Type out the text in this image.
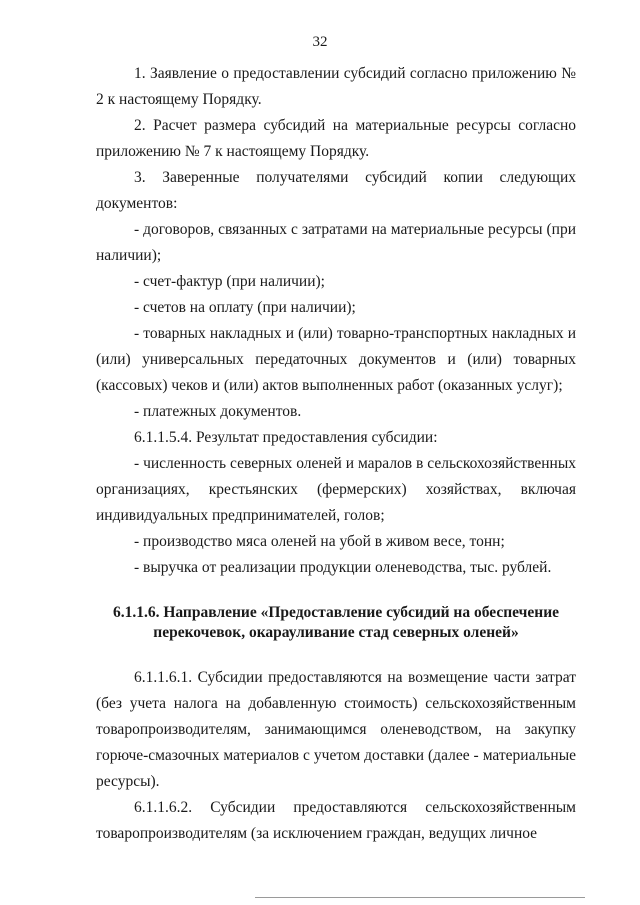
32

1. Заявление о предоставлении субсидий согласно приложению № 2 к настоящему Порядку.

2. Расчет размера субсидий на материальные ресурсы согласно приложению № 7 к настоящему Порядку.

3. Заверенные получателями субсидий копии следующих документов:

- договоров, связанных с затратами на материальные ресурсы (при наличии);

- счет-фактур (при наличии);

- счетов на оплату (при наличии);

- товарных накладных и (или) товарно-транспортных накладных и (или) универсальных передаточных документов и (или) товарных (кассовых) чеков и (или) актов выполненных работ (оказанных услуг);

- платежных документов.

6.1.1.5.4. Результат предоставления субсидии:

- численность северных оленей и маралов в сельскохозяйственных организациях, крестьянских (фермерских) хозяйствах, включая индивидуальных предпринимателей, голов;

- производство мяса оленей на убой в живом весе, тонн;

- выручка от реализации продукции оленеводства, тыс. рублей.

6.1.1.6. Направление «Предоставление субсидий на обеспечение перекочевок, окарауливание стад северных оленей»

6.1.1.6.1. Субсидии предоставляются на возмещение части затрат (без учета налога на добавленную стоимость) сельскохозяйственным товаропроизводителям, занимающимся оленеводством, на закупку горюче-смазочных материалов с учетом доставки (далее - материальные ресурсы).

6.1.1.6.2. Субсидии предоставляются сельскохозяйственным товаропроизводителям (за исключением граждан, ведущих личное
